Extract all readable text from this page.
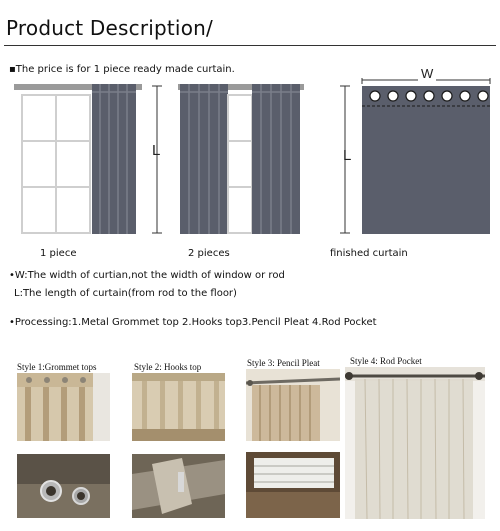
Product Description/
▪The price is for 1 piece ready made curtain.
L	L
W
1 piece	2 pieces	finished curtain
•W:The width of curtian,not the width of window or rod
L:The length of curtain(from rod to the floor)
•Processing:1.Metal Grommet top 2.Hooks top3.Pencil Pleat 4.Rod Pocket
Style 1:Grommet tops	Style 2: Hooks top	Style 3: Pencil Pleat	Style 4: Rod Pocket
